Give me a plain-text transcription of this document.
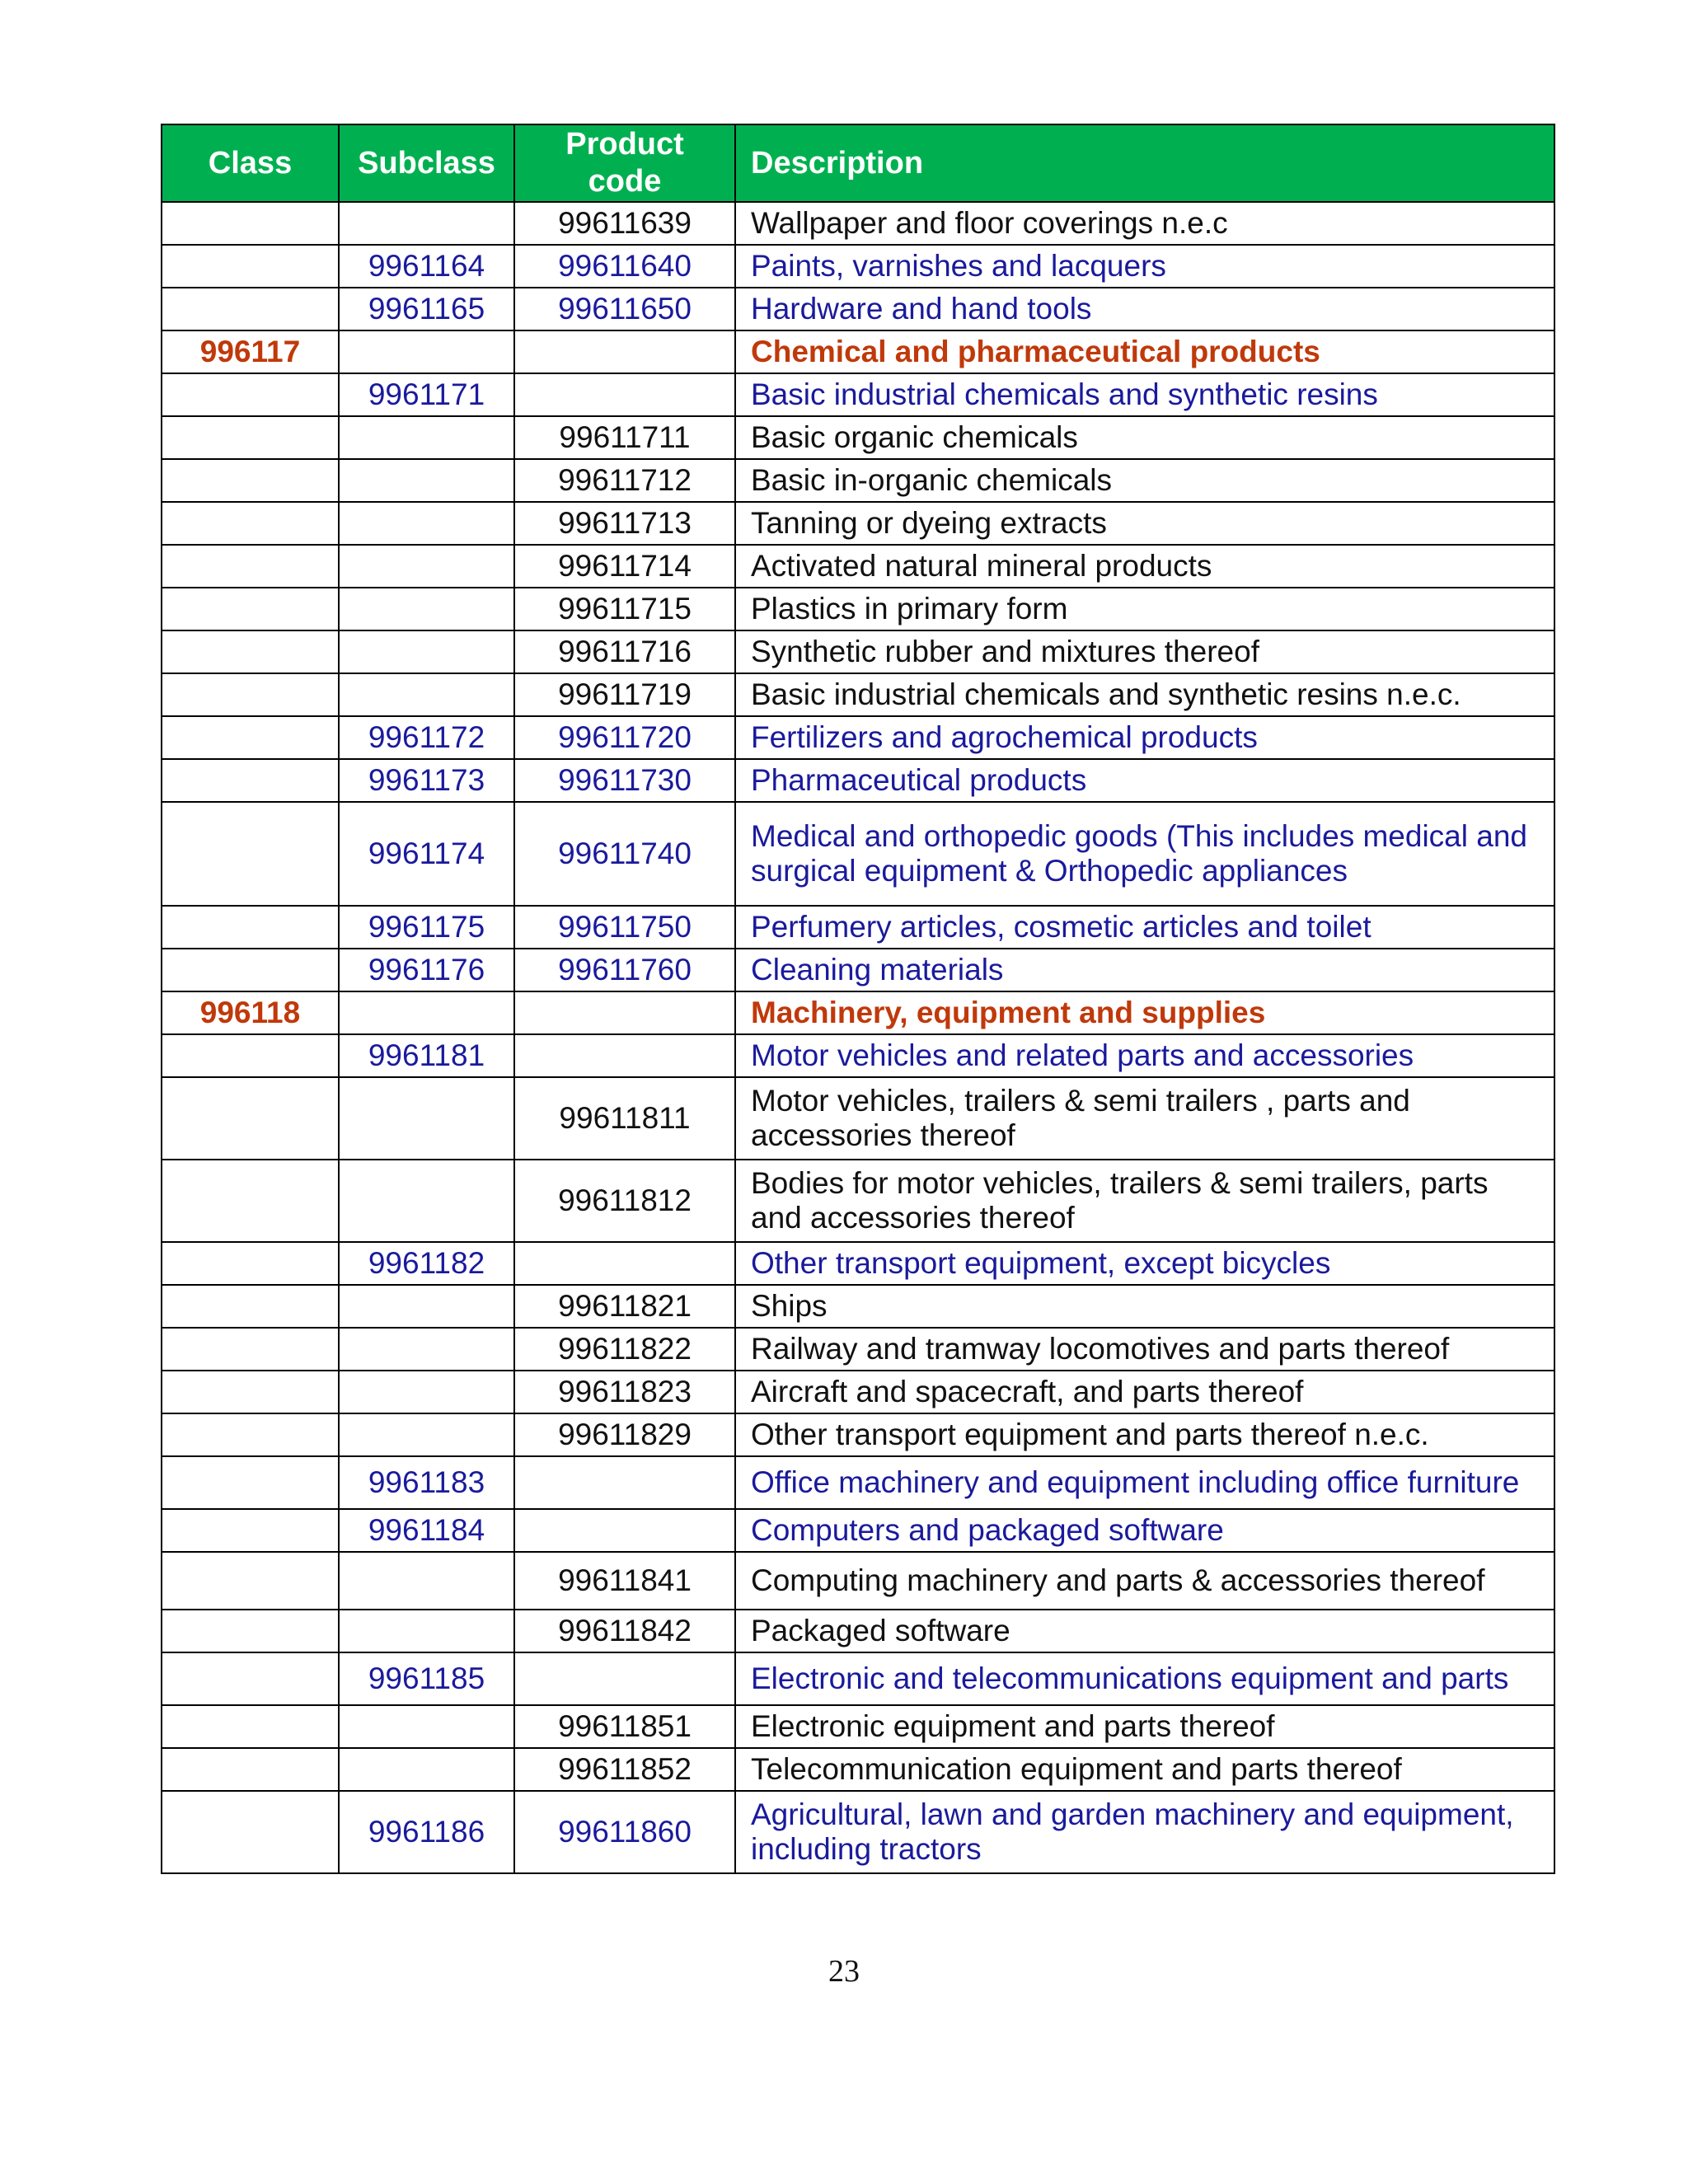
Class	Subclass	Product code	Description
		99611639	Wallpaper and floor coverings n.e.c
	9961164	99611640	Paints, varnishes and lacquers
	9961165	99611650	Hardware and hand tools
996117			Chemical and pharmaceutical products
	9961171		Basic industrial chemicals and synthetic resins
		99611711	Basic organic chemicals
		99611712	Basic in-organic chemicals
		99611713	Tanning or dyeing extracts
		99611714	Activated natural mineral products
		99611715	Plastics in primary form
		99611716	Synthetic rubber and mixtures thereof
		99611719	Basic industrial chemicals and synthetic resins n.e.c.
	9961172	99611720	Fertilizers and agrochemical products
	9961173	99611730	Pharmaceutical products
	9961174	99611740	Medical and orthopedic goods (This includes medical and surgical equipment & Orthopedic appliances
	9961175	99611750	Perfumery articles, cosmetic articles and toilet
	9961176	99611760	Cleaning materials
996118			Machinery, equipment and supplies
	9961181		Motor vehicles and related parts and accessories
		99611811	Motor vehicles, trailers & semi trailers , parts and accessories thereof
		99611812	Bodies for motor vehicles, trailers & semi trailers, parts and accessories thereof
	9961182		Other transport equipment, except bicycles
		99611821	Ships
		99611822	Railway and tramway locomotives and parts thereof
		99611823	Aircraft and spacecraft, and parts thereof
		99611829	Other transport equipment and parts thereof n.e.c.
	9961183		Office machinery and equipment including office furniture
	9961184		Computers and packaged software
		99611841	Computing machinery and parts & accessories thereof
		99611842	Packaged software
	9961185		Electronic and telecommunications equipment and parts
		99611851	Electronic equipment and parts thereof
		99611852	Telecommunication equipment and parts thereof
	9961186	99611860	Agricultural, lawn and garden machinery and equipment, including tractors
23
